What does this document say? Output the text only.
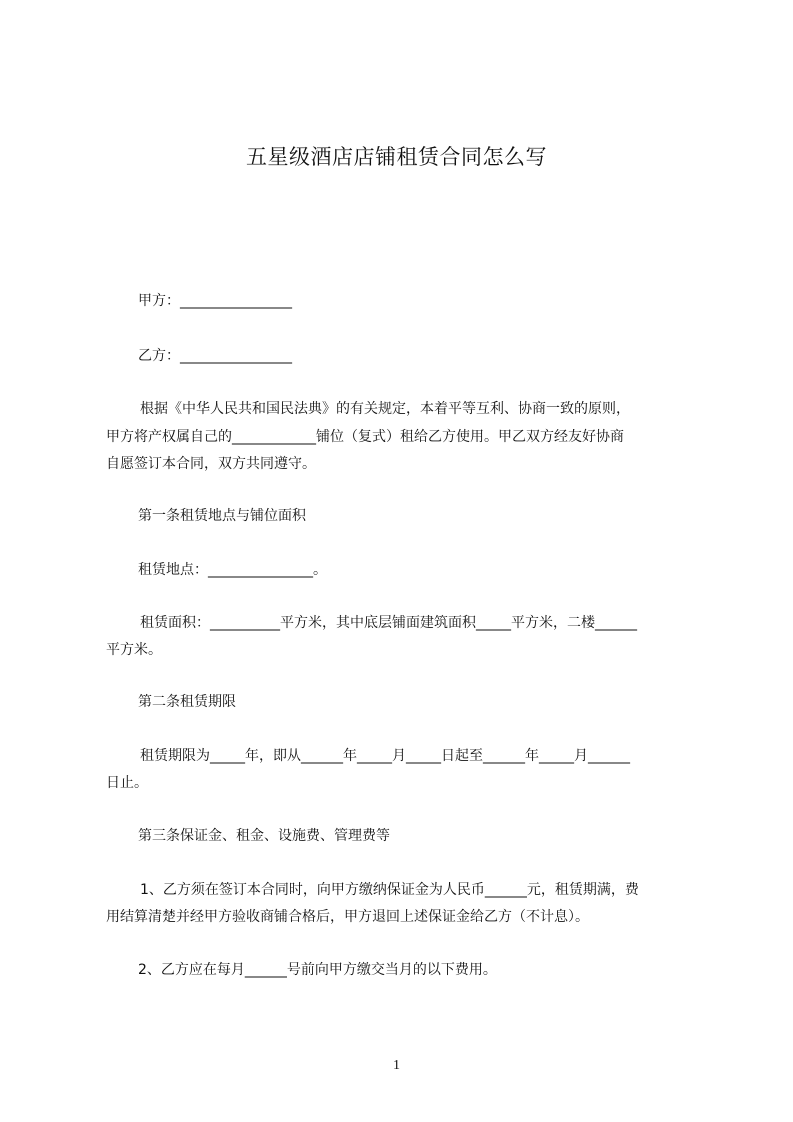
五星级酒店店铺租赁合同怎么写
甲方：________________
乙方：________________
根据《中华人民共和国民法典》的有关规定，本着平等互利、协商一致的原则，
甲方将产权属自己的____________铺位（复式）租给乙方使用。甲乙双方经友好协商
自愿签订本合同，双方共同遵守。
第一条租赁地点与铺位面积
租赁地点：_______________。
租赁面积：__________平方米，其中底层铺面建筑面积_____平方米，二楼______
平方米。
第二条租赁期限
租赁期限为_____年，即从______年_____月_____日起至______年_____月______
日止。
第三条保证金、租金、设施费、管理费等
1、乙方须在签订本合同时，向甲方缴纳保证金为人民币______元，租赁期满，费
用结算清楚并经甲方验收商铺合格后，甲方退回上述保证金给乙方（不计息）。
2、乙方应在每月______号前向甲方缴交当月的以下费用。
1
